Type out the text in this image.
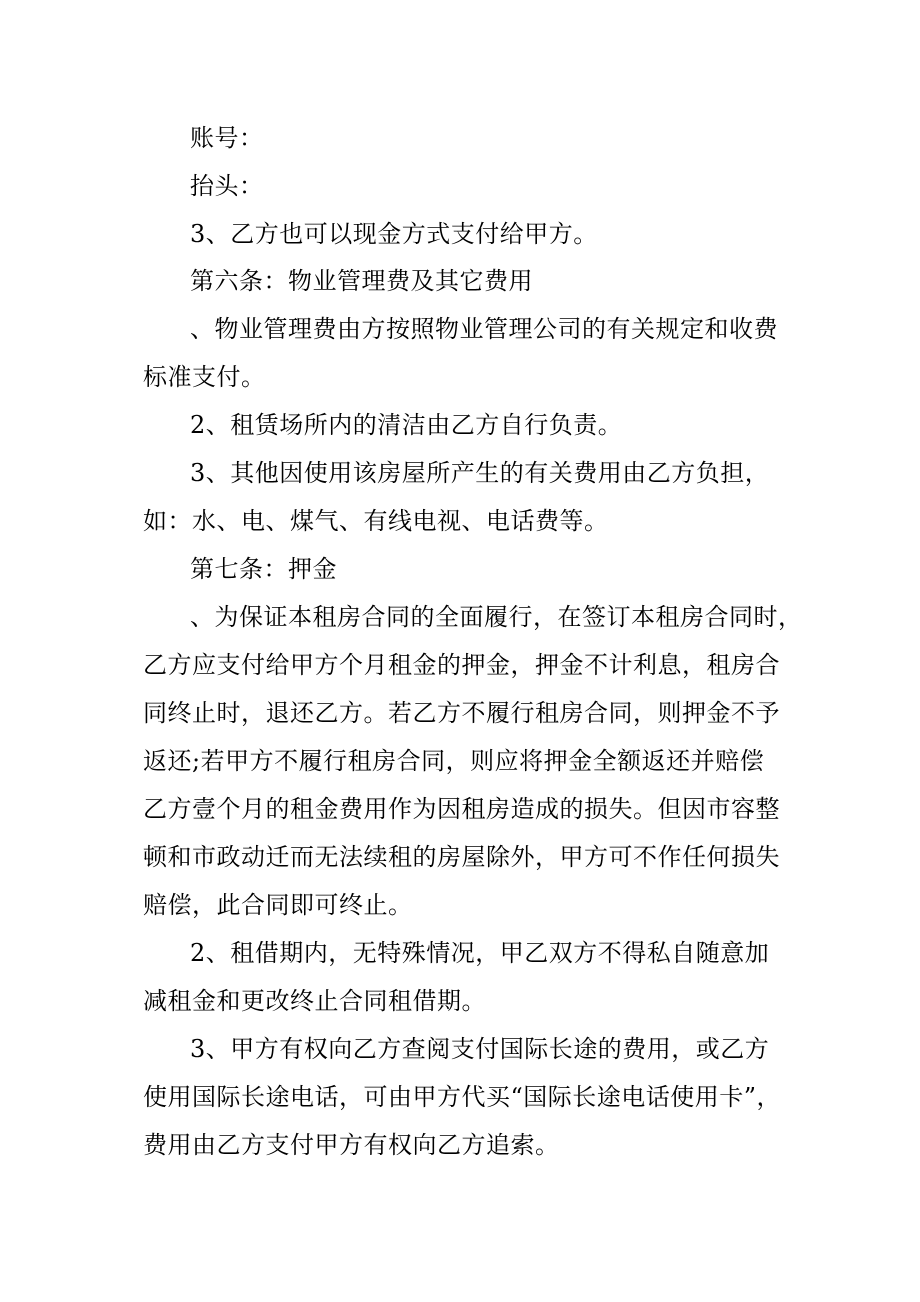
账号：
抬头：
3、乙方也可以现金方式支付给甲方。
第六条：物业管理费及其它费用
、物业管理费由方按照物业管理公司的有关规定和收费
标准支付。
2、租赁场所内的清洁由乙方自行负责。
3、其他因使用该房屋所产生的有关费用由乙方负担，
如：水、电、煤气、有线电视、电话费等。
第七条：押金
、为保证本租房合同的全面履行，在签订本租房合同时，
乙方应支付给甲方个月租金的押金，押金不计利息，租房合
同终止时，退还乙方。若乙方不履行租房合同，则押金不予
返还;若甲方不履行租房合同，则应将押金全额返还并赔偿
乙方壹个月的租金费用作为因租房造成的损失。但因市容整
顿和市政动迁而无法续租的房屋除外，甲方可不作任何损失
赔偿，此合同即可终止。
2、租借期内，无特殊情况，甲乙双方不得私自随意加
减租金和更改终止合同租借期。
3、甲方有权向乙方查阅支付国际长途的费用，或乙方
使用国际长途电话，可由甲方代买“国际长途电话使用卡”，
费用由乙方支付甲方有权向乙方追索。
